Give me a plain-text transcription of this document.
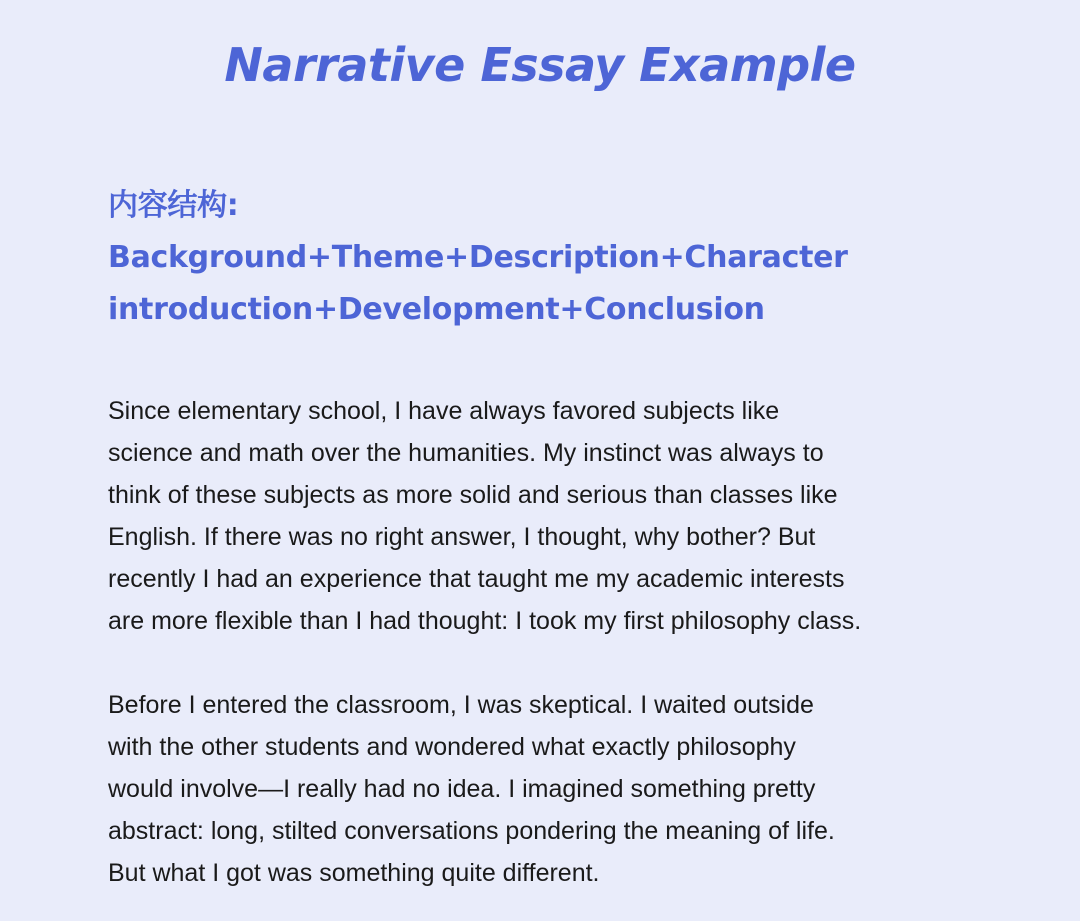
Narrative Essay Example
内容结构:
Background+Theme+Description+Character
introduction+Development+Conclusion
Since elementary school, I have always favored subjects like
science and math over the humanities. My instinct was always to
think of these subjects as more solid and serious than classes like
English. If there was no right answer, I thought, why bother? But
recently I had an experience that taught me my academic interests
are more flexible than I had thought: I took my first philosophy class.
Before I entered the classroom, I was skeptical. I waited outside
with the other students and wondered what exactly philosophy
would involve—I really had no idea. I imagined something pretty
abstract: long, stilted conversations pondering the meaning of life.
But what I got was something quite different.
